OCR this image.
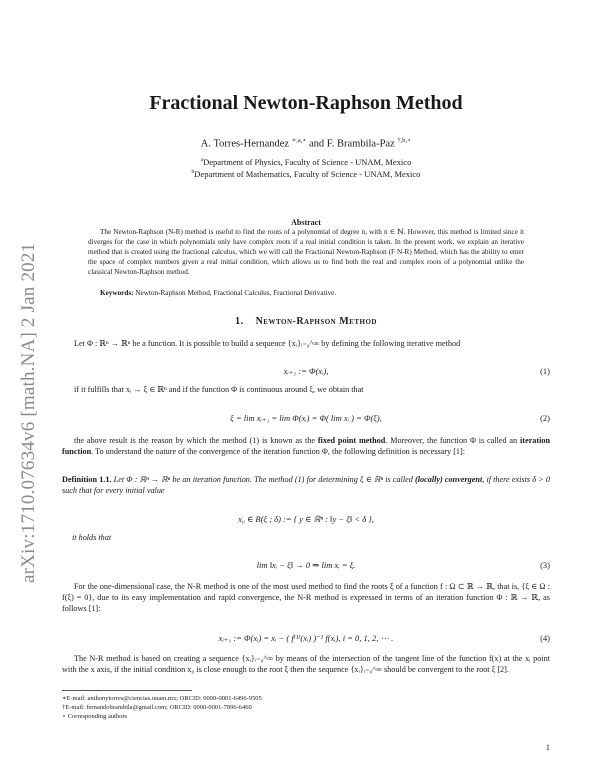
arXiv:1710.07634v6 [math.NA] 2 Jan 2021
Fractional Newton-Raphson Method
A. Torres-Hernandez $^{∗,a,⋆}$ and F. Brambila-Paz $^{\dagger,b,⋆}$
$^a$Department of Physics, Faculty of Science - UNAM, Mexico
$^b$Department of Mathematics, Faculty of Science - UNAM, Mexico
Abstract
The Newton-Raphson (N-R) method is useful to find the roots of a polynomial of degree n, with n ∈ ℕ. However, this method is limited since it diverges for the case in which polynomials only have complex roots if a real initial condition is taken. In the present work, we explain an iterative method that is created using the fractional calculus, which we will call the Fractional Newton-Raphson (F N-R) Method, which has the ability to enter the space of complex numbers given a real initial condition, which allows us to find both the real and complex roots of a polynomial unlike the classical Newton-Raphson method.
Keywords: Newton-Raphson Method, Fractional Calculus, Fractional Derivative.
1. Newton-Raphson Method
Let Φ : ℝⁿ → ℝⁿ be a function. It is possible to build a sequence {xᵢ}ᵢ₌₀^∞ by defining the following iterative method
xᵢ₊₁ := Φ(xᵢ),	(1)
if it fulfills that xᵢ → ξ ∈ ℝⁿ and if the function Φ is continuous around ξ, we obtain that
ξ = lim xᵢ₊₁ = lim Φ(xᵢ) = Φ( lim xᵢ ) = Φ(ξ),	(2)
the above result is the reason by which the method (1) is known as the fixed point method. Moreover, the function Φ is called an iteration function. To understand the nature of the convergence of the iteration function Φ, the following definition is necessary [1]:
Definition 1.1. Let Φ : ℝⁿ → ℝⁿ be an iteration function. The method (1) for determining ξ ∈ ℝⁿ is called (locally) convergent, if there exists δ > 0 such that for every initial value
x₀ ∈ B(ξ ; δ) := { y ∈ ℝⁿ : ‖y − ξ‖ < δ },
it holds that
lim ‖xᵢ − ξ‖ → 0 ⇒ lim xᵢ = ξ.	(3)
For the one-dimensional case, the N-R method is one of the most used method to find the roots ξ of a function f : Ω ⊂ ℝ → ℝ, that is, {ξ ∈ Ω : f(ξ) = 0}, due to its easy implementation and rapid convergence, the N-R method is expressed in terms of an iteration function Φ : ℝ → ℝ, as follows [1]:
xᵢ₊₁ := Φ(xᵢ) = xᵢ − ( f⁽¹⁾(xᵢ) )⁻¹ f(xᵢ), i = 0, 1, 2, ⋯ .	(4)
The N-R method is based on creating a sequence {xᵢ}ᵢ₌₀^∞ by means of the intersection of the tangent line of the function f(x) at the xᵢ point with the x axis, if the initial condition x₀ is close enough to the root ξ then the sequence {xᵢ}ᵢ₌₀^∞ should be convergent to the root ξ [2].
∗E-mail: anthonytorres@ciencias.unam.mx; ORCID: 0000-0001-6496-9505
†E-mail: fernandobrambila@gmail.com; ORCID: 0000-0001-7896-6460
⋆ Corresponding authors
1
